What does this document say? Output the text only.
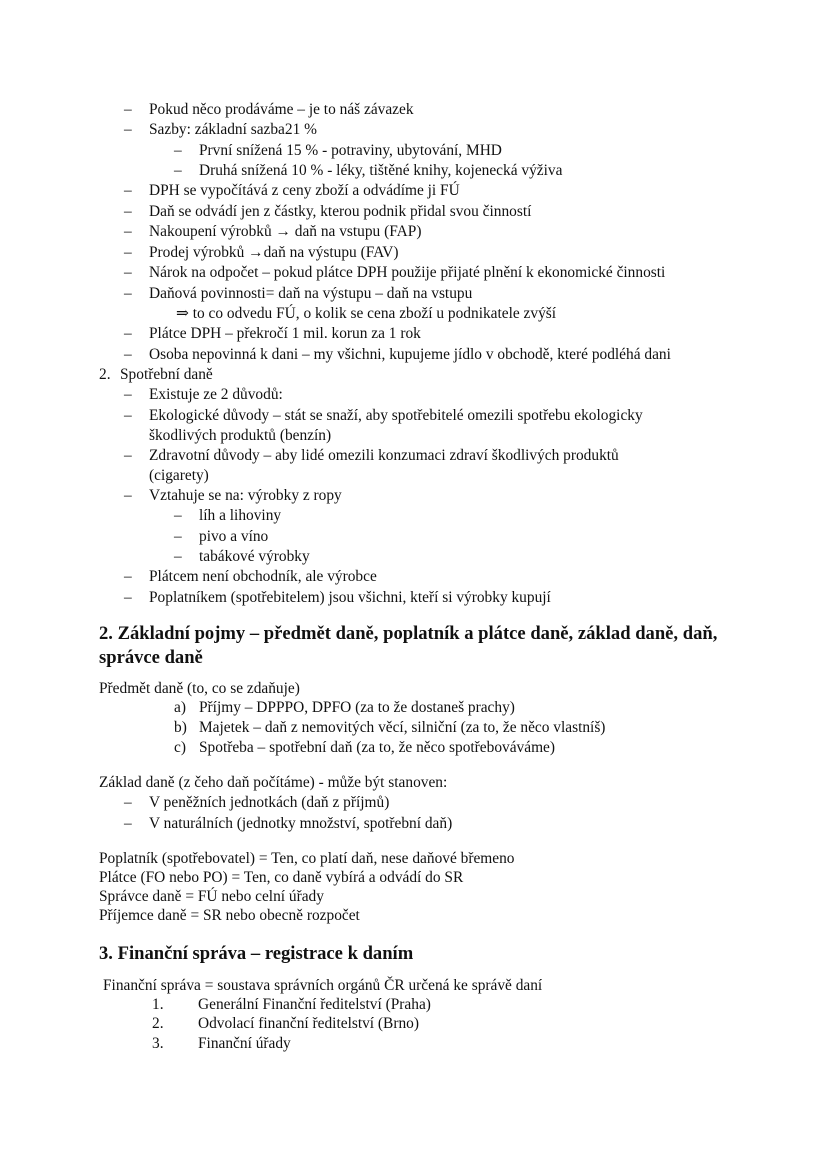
– Pokud něco prodáváme – je to náš závazek
– Sazby: základní sazba21 %
– První snížená 15 % - potraviny, ubytování, MHD
– Druhá snížená 10 % - léky, tištěné knihy, kojenecká výživa
– DPH se vypočítává z ceny zboží a odvádíme ji FÚ
– Daň se odvádí jen z částky, kterou podnik přidal svou činností
– Nakoupení výrobků → daň na vstupu (FAP)
– Prodej výrobků →daň na výstupu (FAV)
– Nárok na odpočet – pokud plátce DPH použije přijaté plnění k ekonomické činnosti
– Daňová povinnosti= daň na výstupu – daň na vstupu
⇒ to co odvedu FÚ, o kolik se cena zboží u podnikatele zvýší
– Plátce DPH – překročí 1 mil. korun za 1 rok
– Osoba nepovinná k dani – my všichni, kupujeme jídlo v obchodě, které podléhá dani
2. Spotřební daně
– Existuje ze 2 důvodů:
– Ekologické důvody – stát se snaží, aby spotřebitelé omezili spotřebu ekologicky
škodlivých produktů (benzín)
– Zdravotní důvody – aby lidé omezili konzumaci zdraví škodlivých produktů
(cigarety)
– Vztahuje se na: výrobky z ropy
– líh a lihoviny
– pivo a víno
– tabákové výrobky
– Plátcem není obchodník, ale výrobce
– Poplatníkem (spotřebitelem) jsou všichni, kteří si výrobky kupují
2. Základní pojmy – předmět daně, poplatník a plátce daně, základ daně, daň,
správce daně
Předmět daně (to, co se zdaňuje)
a) Příjmy – DPPPO, DPFO (za to že dostaneš prachy)
b) Majetek – daň z nemovitých věcí, silniční (za to, že něco vlastníš)
c) Spotřeba – spotřební daň (za to, že něco spotřebováváme)
Základ daně (z čeho daň počítáme) - může být stanoven:
– V peněžních jednotkách (daň z příjmů)
– V naturálních (jednotky množství, spotřební daň)
Poplatník (spotřebovatel) = Ten, co platí daň, nese daňové břemeno
Plátce (FO nebo PO) = Ten, co daně vybírá a odvádí do SR
Správce daně = FÚ nebo celní úřady
Příjemce daně = SR nebo obecně rozpočet
3. Finanční správa – registrace k daním
Finanční správa = soustava správních orgánů ČR určená ke správě daní
1. Generální Finanční ředitelství (Praha)
2. Odvolací finanční ředitelství (Brno)
3. Finanční úřady
